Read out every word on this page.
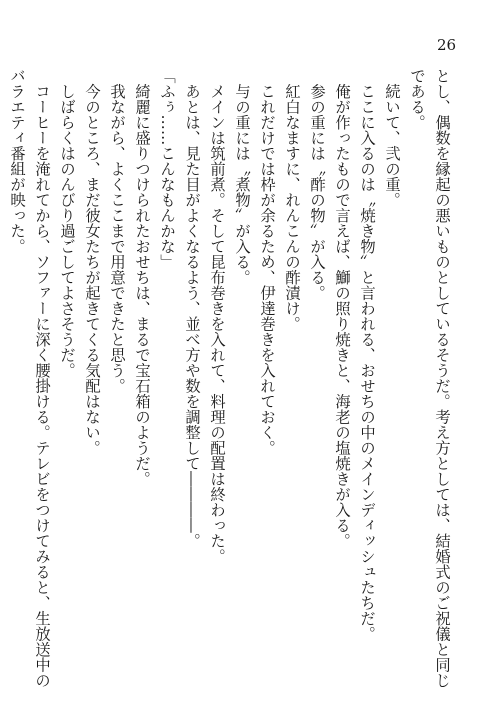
26
とし、偶数を縁起の悪いものとしているそうだ。考え方としては、結婚式のご祝儀と同じ
である。
　続いて、弐の重。
　ここに入るのは〝焼き物〟と言われる、おせちの中のメインディッシュたちだ。
　俺が作ったもので言えば、鰤の照り焼きと、海老の塩焼きが入る。
　参の重には〝酢の物〟が入る。
　紅白なますに、れんこんの酢漬け。
　これだけでは枠が余るため、伊達巻きを入れておく。
　与の重には〝煮物〟が入る。
　メインは筑前煮。そして昆布巻きを入れて、料理の配置は終わった。
　あとは、見た目がよくなるよう、並べ方や数を調整して――――。
「ふぅ……こんなもんかな」
　綺麗に盛りつけられたおせちは、まるで宝石箱のようだ。
　我ながら、よくここまで用意できたと思う。
　今のところ、まだ彼女たちが起きてくる気配はない。
　しばらくはのんびり過ごしてよさそうだ。
　コーヒーを淹れてから、ソファーに深く腰掛ける。テレビをつけてみると、生放送中の
バラエティ番組が映った。
